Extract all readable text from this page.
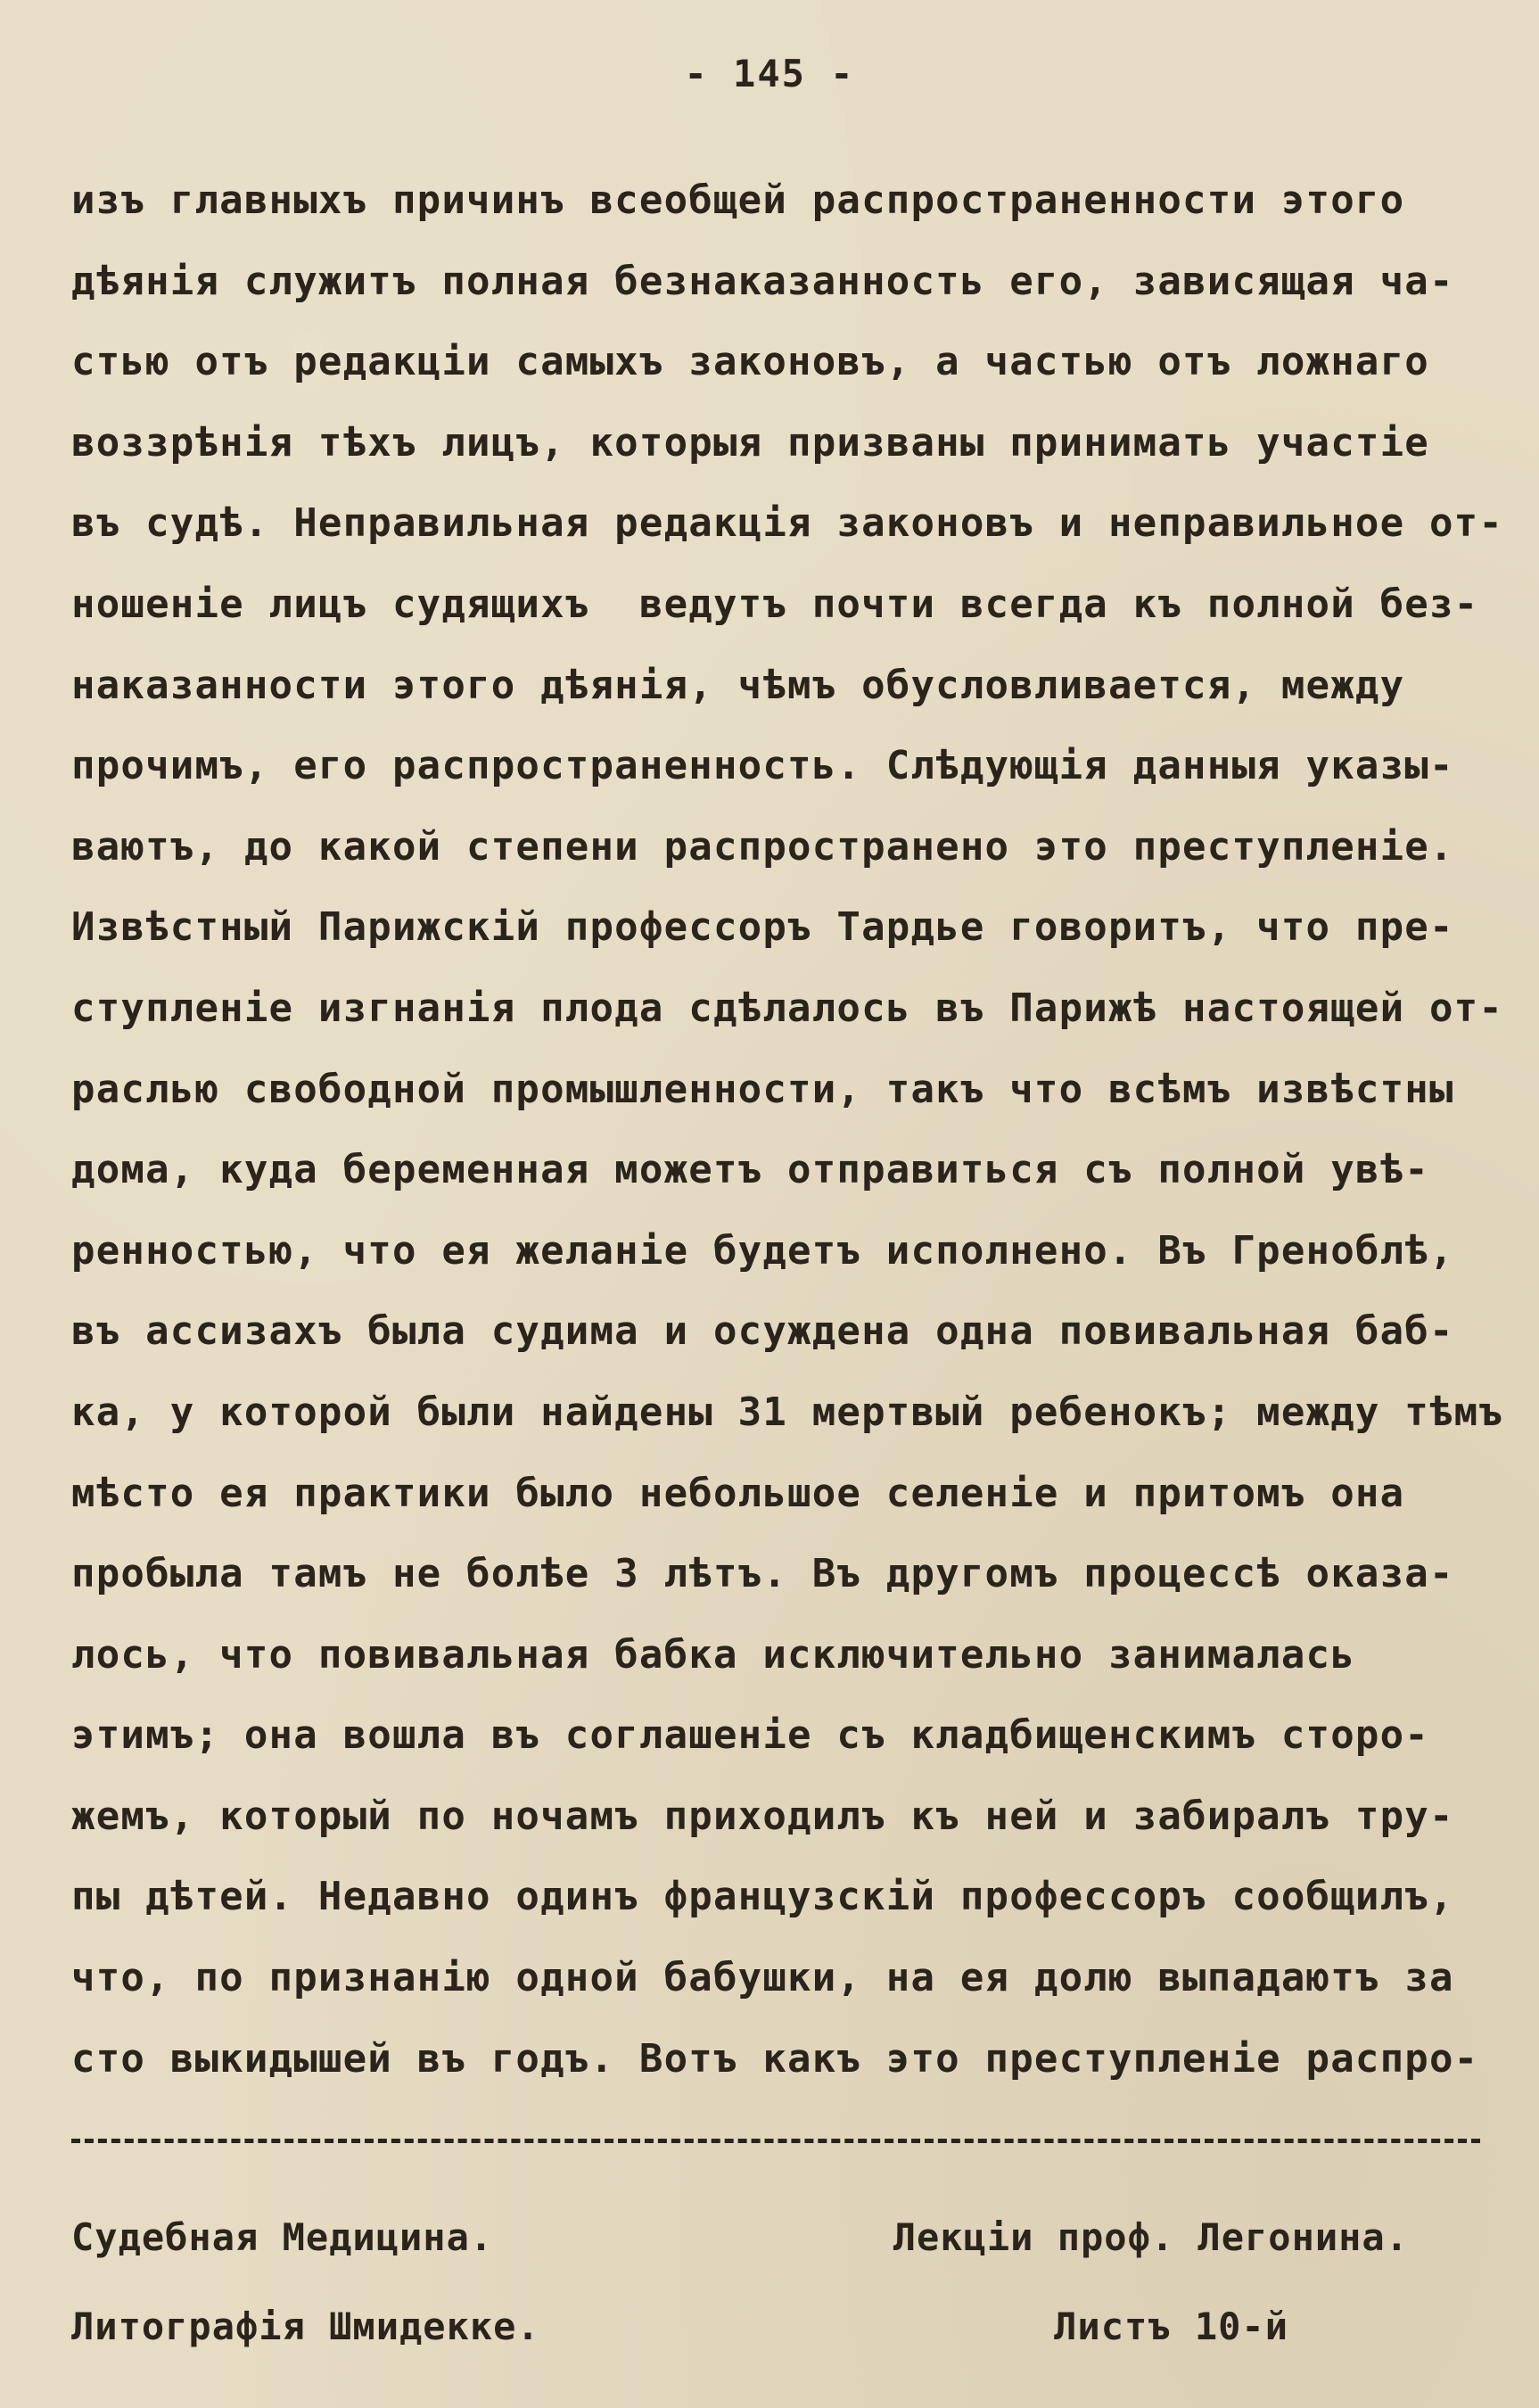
- 145 -
изъ главныхъ причинъ всеобщей распространенности этого
дѣянія служитъ полная безнаказанность его, зависящая ча-
стью отъ редакціи самыхъ законовъ, а частью отъ ложнаго
воззрѣнія тѣхъ лицъ, которыя призваны принимать участіе
въ судѣ. Неправильная редакція законовъ и неправильное от-
ношеніе лицъ судящихъ  ведутъ почти всегда къ полной без-
наказанности этого дѣянія, чѣмъ обусловливается, между
прочимъ, его распространенность. Слѣдующія данныя указы-
ваютъ, до какой степени распространено это преступленіе.
Извѣстный Парижскій профессоръ Тардье говоритъ, что пре-
ступленіе изгнанія плода сдѣлалось въ Парижѣ настоящей от-
раслью свободной промышленности, такъ что всѣмъ извѣстны
дома, куда беременная можетъ отправиться съ полной увѣ-
ренностью, что ея желаніе будетъ исполнено. Въ Греноблѣ,
въ ассизахъ была судима и осуждена одна повивальная баб-
ка, у которой были найдены 31 мертвый ребенокъ; между тѣмъ
мѣсто ея практики было небольшое селеніе и притомъ она
пробыла тамъ не болѣе 3 лѣтъ. Въ другомъ процессѣ оказа-
лось, что повивальная бабка исключительно занималась
этимъ; она вошла въ соглашеніе съ кладбищенскимъ сторо-
жемъ, который по ночамъ приходилъ къ ней и забиралъ тру-
пы дѣтей. Недавно одинъ французскій профессоръ сообщилъ,
что, по признанію одной бабушки, на ея долю выпадаютъ за
сто выкидышей въ годъ. Вотъ какъ это преступленіе распро-
Судебная Медицина.	Лекціи проф. Легонина.
Литографія Шмидекке.	Листъ 10-й
